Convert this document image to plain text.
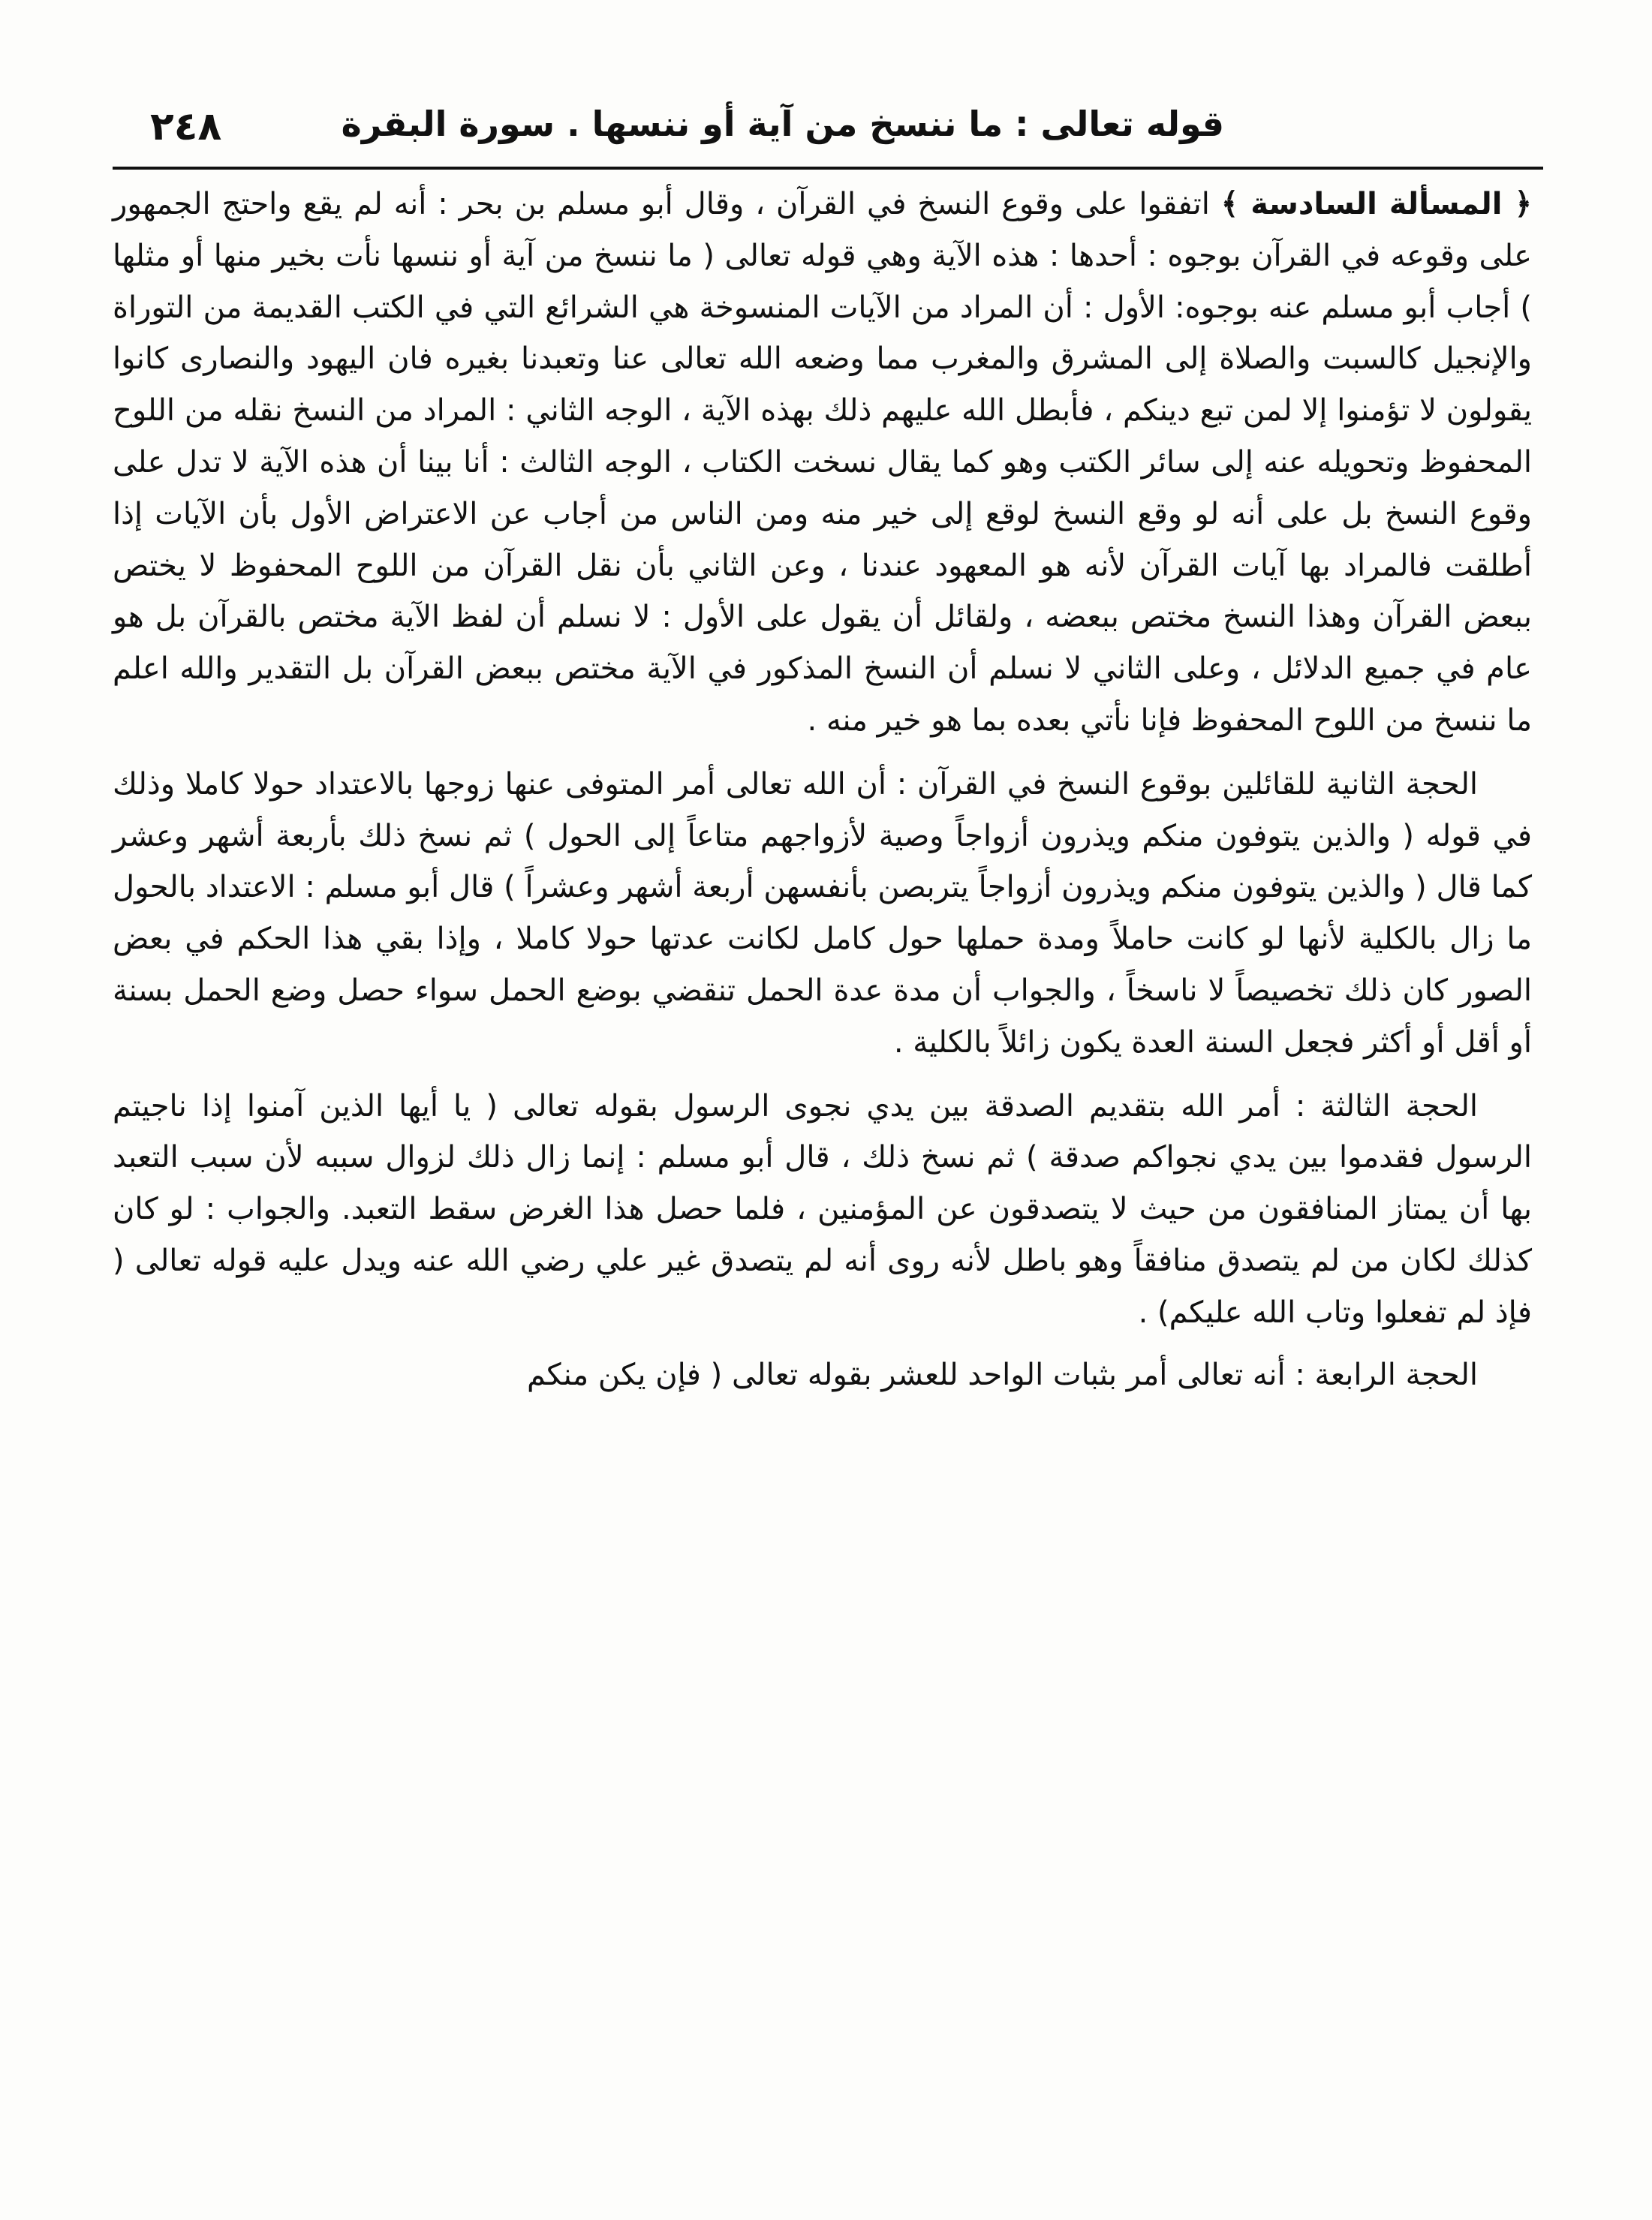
قوله تعالى : ما ننسخ من آية أو ننسها . سورة البقرة
٢٤٨

﴿ المسألة السادسة ﴾ اتفقوا على وقوع النسخ في القرآن ، وقال أبو مسلم بن بحر : أنه لم يقع واحتج الجمهور على وقوعه في القرآن بوجوه : أحدها : هذه الآية وهي قوله تعالى ( ما ننسخ من آية أو ننسها نأت بخير منها أو مثلها ) أجاب أبو مسلم عنه بوجوه: الأول : أن المراد من الآيات المنسوخة هي الشرائع التي في الكتب القديمة من التوراة والإنجيل كالسبت والصلاة إلى المشرق والمغرب مما وضعه الله تعالى عنا وتعبدنا بغيره فان اليهود والنصارى كانوا يقولون لا تؤمنوا إلا لمن تبع دينكم ، فأبطل الله عليهم ذلك بهذه الآية ، الوجه الثاني : المراد من النسخ نقله من اللوح المحفوظ وتحويله عنه إلى سائر الكتب وهو كما يقال نسخت الكتاب ، الوجه الثالث : أنا بينا أن هذه الآية لا تدل على وقوع النسخ بل على أنه لو وقع النسخ لوقع إلى خير منه ومن الناس من أجاب عن الاعتراض الأول بأن الآيات إذا أطلقت فالمراد بها آيات القرآن لأنه هو المعهود عندنا ، وعن الثاني بأن نقل القرآن من اللوح المحفوظ لا يختص ببعض القرآن وهذا النسخ مختص ببعضه ، ولقائل أن يقول على الأول : لا نسلم أن لفظ الآية مختص بالقرآن بل هو عام في جميع الدلائل ، وعلى الثاني لا نسلم أن النسخ المذكور في الآية مختص ببعض القرآن بل التقدير والله اعلم ما ننسخ من اللوح المحفوظ فإنا نأتي بعده بما هو خير منه .

الحجة الثانية للقائلين بوقوع النسخ في القرآن : أن الله تعالى أمر المتوفى عنها زوجها بالاعتداد حولا كاملا وذلك في قوله ( والذين يتوفون منكم ويذرون أزواجاً وصية لأزواجهم متاعاً إلى الحول ) ثم نسخ ذلك بأربعة أشهر وعشر كما قال ( والذين يتوفون منكم ويذرون أزواجاً يتربصن بأنفسهن أربعة أشهر وعشراً ) قال أبو مسلم : الاعتداد بالحول ما زال بالكلية لأنها لو كانت حاملاً ومدة حملها حول كامل لكانت عدتها حولا كاملا ، وإذا بقي هذا الحكم في بعض الصور كان ذلك تخصيصاً لا ناسخاً ، والجواب أن مدة عدة الحمل تنقضي بوضع الحمل سواء حصل وضع الحمل بسنة أو أقل أو أكثر فجعل السنة العدة يكون زائلاً بالكلية .

الحجة الثالثة : أمر الله بتقديم الصدقة بين يدي نجوى الرسول بقوله تعالى ( يا أيها الذين آمنوا إذا ناجيتم الرسول فقدموا بين يدي نجواكم صدقة ) ثم نسخ ذلك ، قال أبو مسلم : إنما زال ذلك لزوال سببه لأن سبب التعبد بها أن يمتاز المنافقون من حيث لا يتصدقون عن المؤمنين ، فلما حصل هذا الغرض سقط التعبد. والجواب : لو كان كذلك لكان من لم يتصدق منافقاً وهو باطل لأنه روى أنه لم يتصدق غير علي رضي الله عنه ويدل عليه قوله تعالى ( فإذ لم تفعلوا وتاب الله عليكم) .

الحجة الرابعة : أنه تعالى أمر بثبات الواحد للعشر بقوله تعالى ( فإن يكن منكم
